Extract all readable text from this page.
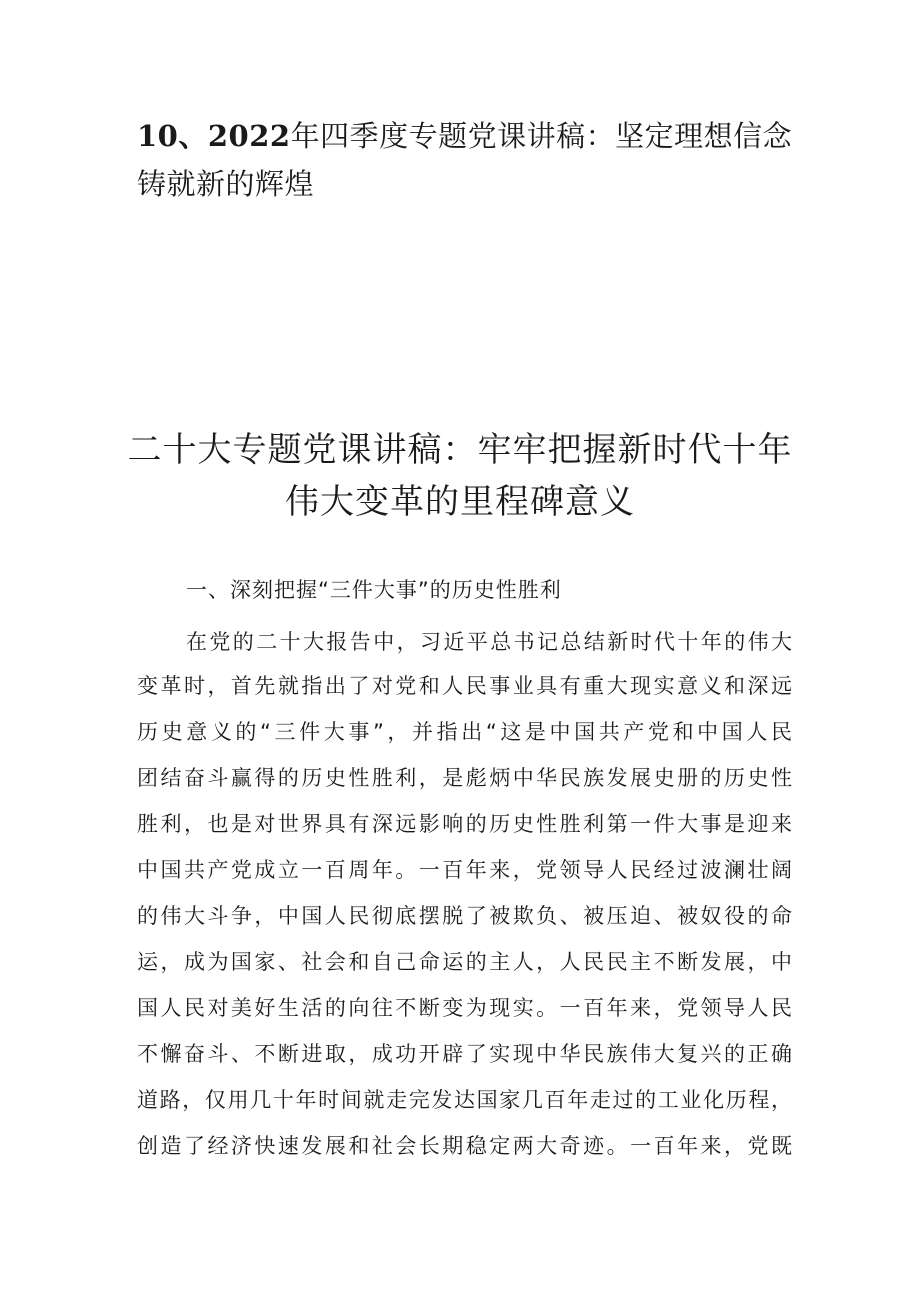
10、2022年四季度专题党课讲稿：坚定理想信念铸就新的辉煌
二十大专题党课讲稿：牢牢把握新时代十年
伟大变革的里程碑意义

一、深刻把握“三件大事”的历史性胜利

在党的二十大报告中，习近平总书记总结新时代十年的伟大

变革时，首先就指出了对党和人民事业具有重大现实意义和深远

历史意义的“三件大事”，并指出“这是中国共产党和中国人民

团结奋斗赢得的历史性胜利，是彪炳中华民族发展史册的历史性

胜利，也是对世界具有深远影响的历史性胜利第一件大事是迎来

中国共产党成立一百周年。一百年来，党领导人民经过波澜壮阔

的伟大斗争，中国人民彻底摆脱了被欺负、被压迫、被奴役的命

运，成为国家、社会和自己命运的主人，人民民主不断发展，中

国人民对美好生活的向往不断变为现实。一百年来，党领导人民

不懈奋斗、不断进取，成功开辟了实现中华民族伟大复兴的正确

道路，仅用几十年时间就走完发达国家几百年走过的工业化历程，

创造了经济快速发展和社会长期稳定两大奇迹。一百年来，党既
